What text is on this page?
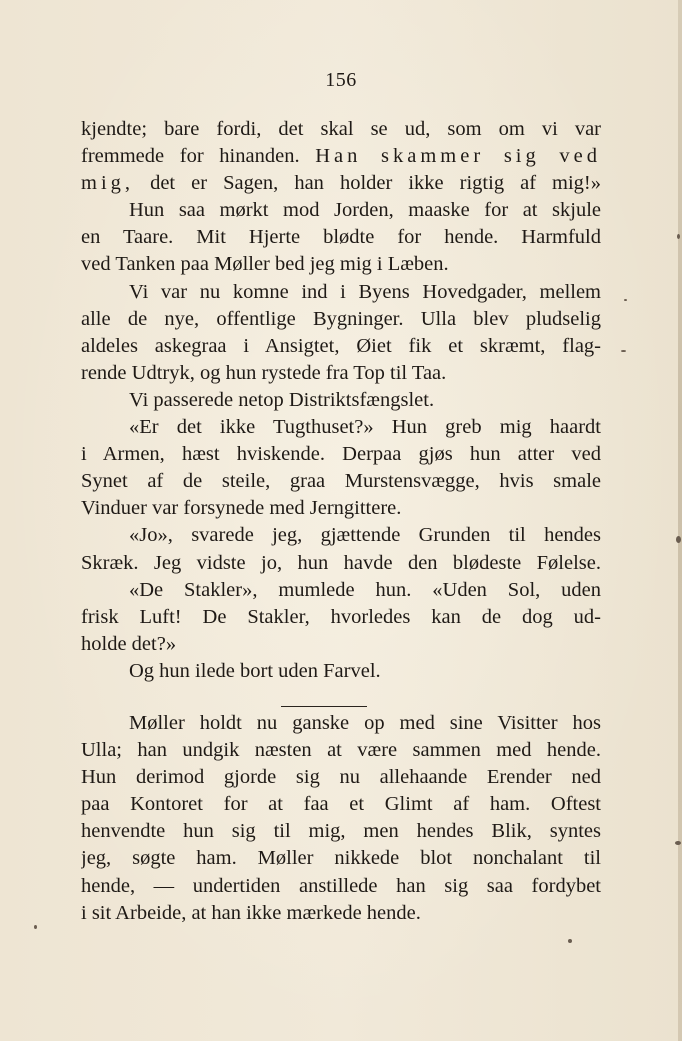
156
kjendte; bare fordi, det skal se ud, som om vi var
fremmede for hinanden. Han skammer sig ved
mig, det er Sagen, han holder ikke rigtig af mig!»
Hun saa mørkt mod Jorden, maaske for at skjule
en Taare. Mit Hjerte blødte for hende. Harmfuld
ved Tanken paa Møller bed jeg mig i Læben.
Vi var nu komne ind i Byens Hovedgader, mellem
alle de nye, offentlige Bygninger. Ulla blev pludselig
aldeles askegraa i Ansigtet, Øiet fik et skræmt, flag-
rende Udtryk, og hun rystede fra Top til Taa.
Vi passerede netop Distriktsfængslet.
«Er det ikke Tugthuset?» Hun greb mig haardt
i Armen, hæst hviskende. Derpaa gjøs hun atter ved
Synet af de steile, graa Murstensvægge, hvis smale
Vinduer var forsynede med Jerngittere.
«Jo», svarede jeg, gjættende Grunden til hendes
Skræk. Jeg vidste jo, hun havde den blødeste Følelse.
«De Stakler», mumlede hun. «Uden Sol, uden
frisk Luft! De Stakler, hvorledes kan de dog ud-
holde det?»
Og hun ilede bort uden Farvel.
Møller holdt nu ganske op med sine Visitter hos
Ulla; han undgik næsten at være sammen med hende.
Hun derimod gjorde sig nu allehaande Erender ned
paa Kontoret for at faa et Glimt af ham. Oftest
henvendte hun sig til mig, men hendes Blik, syntes
jeg, søgte ham. Møller nikkede blot nonchalant til
hende, — undertiden anstillede han sig saa fordybet
i sit Arbeide, at han ikke mærkede hende.
